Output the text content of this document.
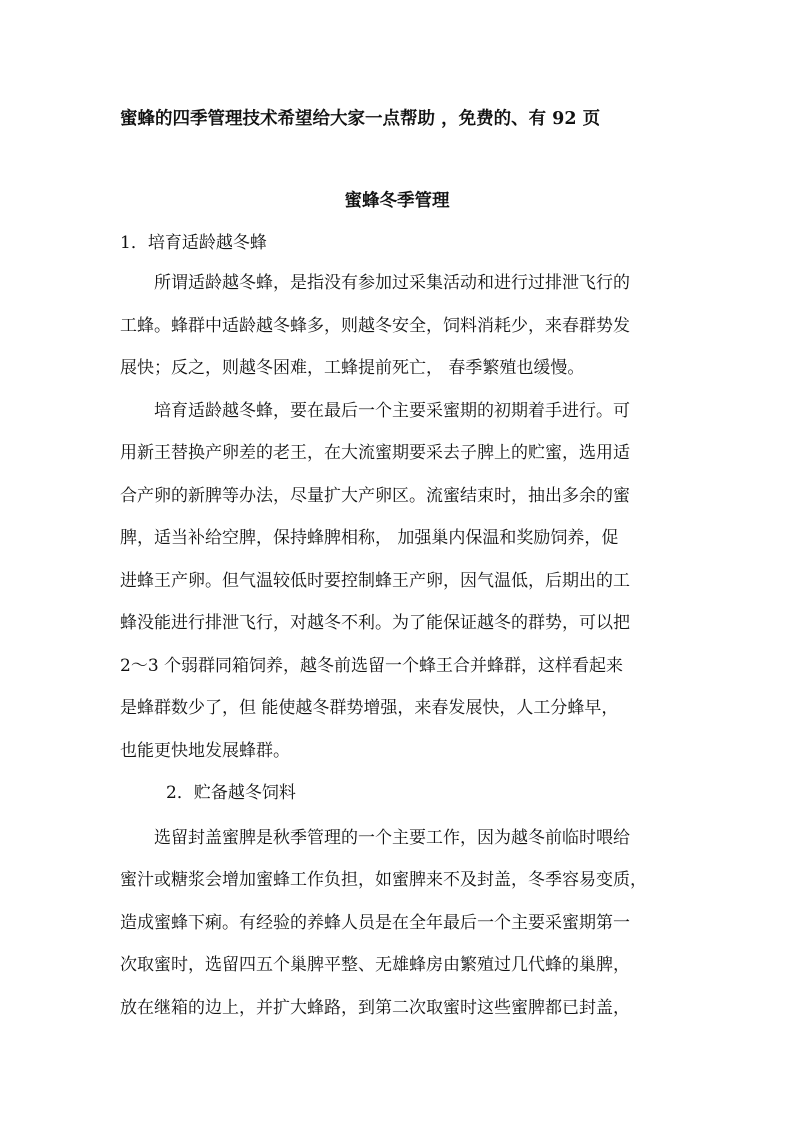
蜜蜂的四季管理技术希望给大家一点帮助 ，免费的、有 92 页
蜜蜂冬季管理
1．培育适龄越冬蜂
　　所谓适龄越冬蜂，是指没有参加过采集活动和进行过排泄飞行的
工蜂。蜂群中适龄越冬蜂多，则越冬安全，饲料消耗少，来春群势发
展快；反之，则越冬困难，工蜂提前死亡， 春季繁殖也缓慢。
　　培育适龄越冬蜂，要在最后一个主要采蜜期的初期着手进行。可
用新王替换产卵差的老王，在大流蜜期要采去子脾上的贮蜜，选用适
合产卵的新脾等办法，尽量扩大产卵区。流蜜结束时，抽出多余的蜜
脾，适当补给空脾，保持蜂脾相称， 加强巢内保温和奖励饲养，促
进蜂王产卵。但气温较低时要控制蜂王产卵，因气温低，后期出的工
蜂没能进行排泄飞行，对越冬不利。为了能保证越冬的群势，可以把
2～3 个弱群同箱饲养，越冬前选留一个蜂王合并蜂群，这样看起来
是蜂群数少了，但 能使越冬群势增强，来春发展快，人工分蜂早，
也能更快地发展蜂群。
2．贮备越冬饲料
　　选留封盖蜜脾是秋季管理的一个主要工作，因为越冬前临时喂给
蜜汁或糖浆会增加蜜蜂工作负担，如蜜脾来不及封盖，冬季容易变质，
造成蜜蜂下痢。有经验的养蜂人员是在全年最后一个主要采蜜期第一
次取蜜时，选留四五个巢脾平整、无雄蜂房由繁殖过几代蜂的巢脾，
放在继箱的边上，并扩大蜂路，到第二次取蜜时这些蜜脾都已封盖，
